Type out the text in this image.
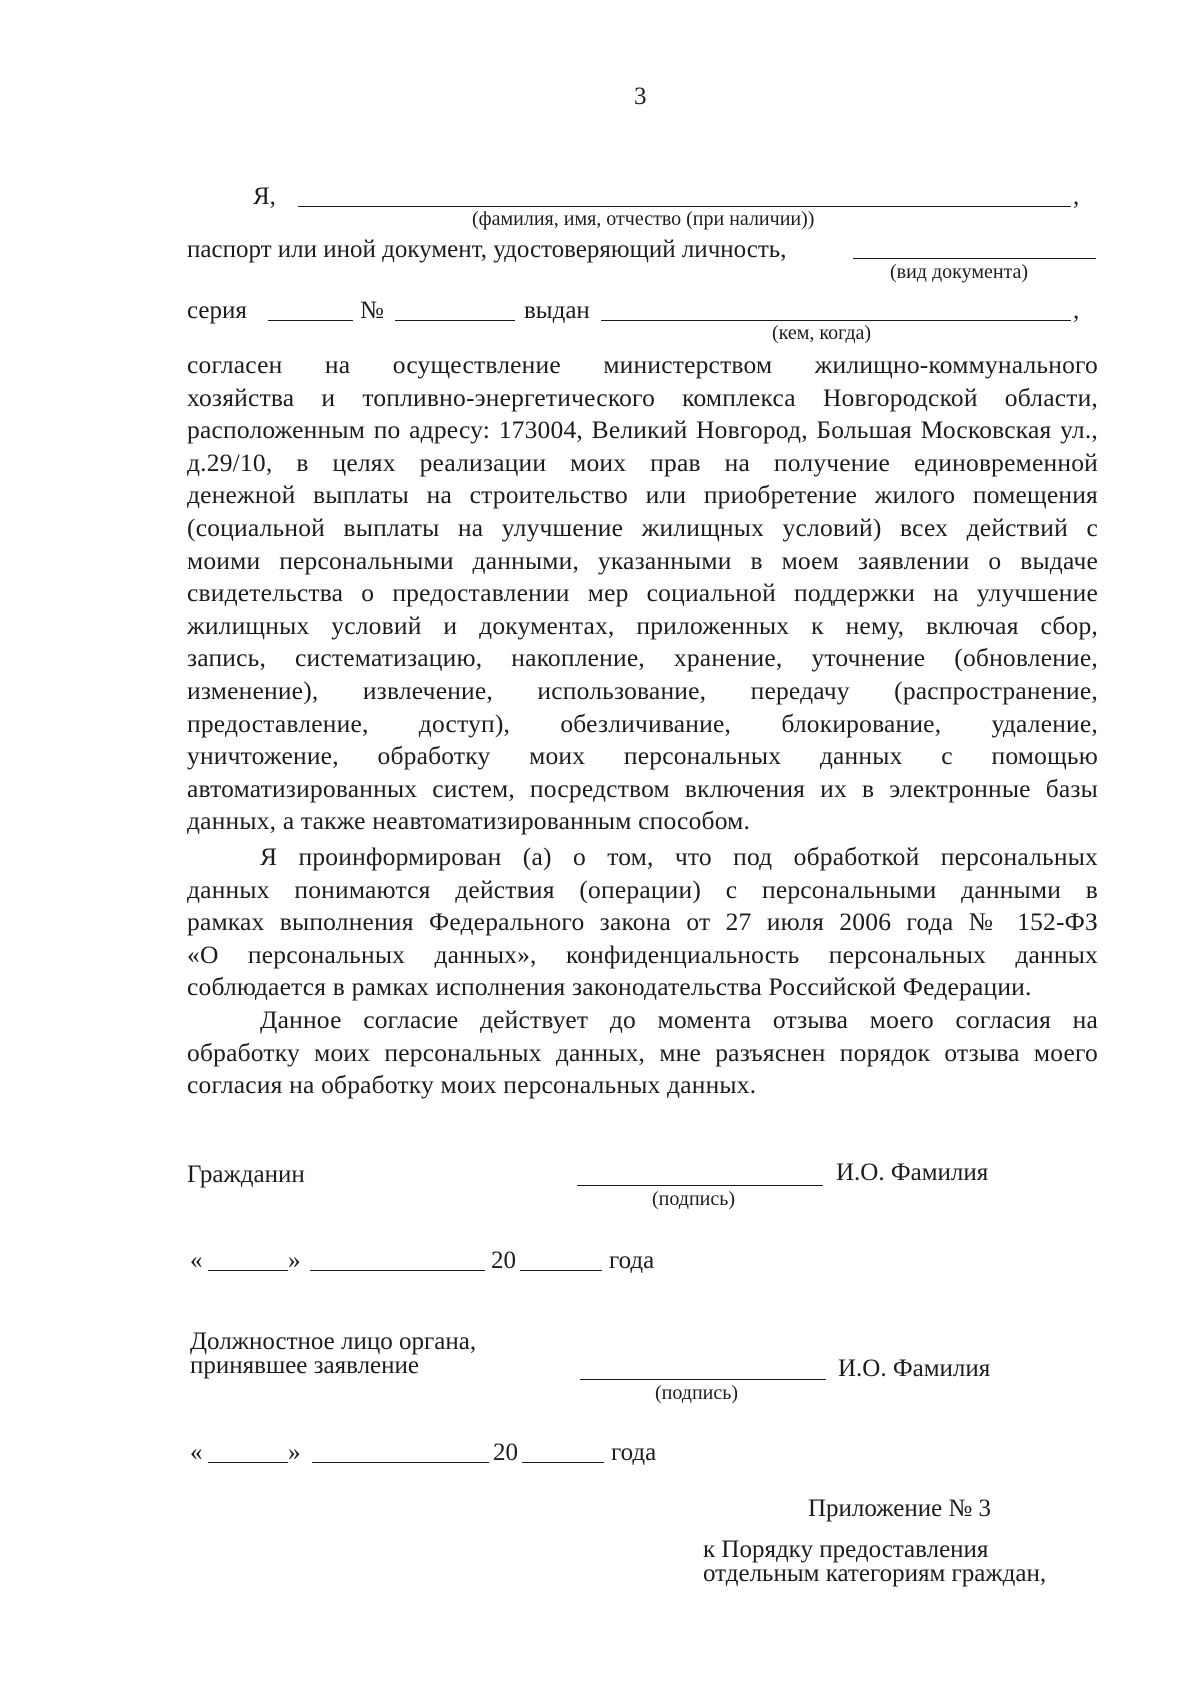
3
Я,	,
(фамилия, имя, отчество (при наличии))
паспорт или иной документ, удостоверяющий личность,
(вид документа)
серия	№	выдан	,
(кем, когда)
согласен на осуществление министерством жилищно-коммунального
хозяйства и топливно-энергетического комплекса Новгородской области,
расположенным по адресу: 173004, Великий Новгород, Большая Московская ул.,
д.29/10, в целях реализации моих прав на получение единовременной
денежной выплаты на строительство или приобретение жилого помещения
(социальной выплаты на улучшение жилищных условий) всех действий с
моими персональными данными, указанными в моем заявлении о выдаче
свидетельства о предоставлении мер социальной поддержки на улучшение
жилищных условий и документах, приложенных к нему, включая сбор,
запись, систематизацию, накопление, хранение, уточнение (обновление,
изменение), извлечение, использование, передачу (распространение,
предоставление, доступ), обезличивание, блокирование, удаление,
уничтожение, обработку моих персональных данных с помощью
автоматизированных систем, посредством включения их в электронные базы
данных, а также неавтоматизированным способом.
Я проинформирован (а) о том, что под обработкой персональных
данных понимаются действия (операции) с персональными данными в
рамках выполнения Федерального закона от 27 июля 2006 года № 152-ФЗ
«О персональных данных», конфиденциальность персональных данных
соблюдается в рамках исполнения законодательства Российской Федерации.
Данное согласие действует до момента отзыва моего согласия на
обработку моих персональных данных, мне разъяснен порядок отзыва моего
согласия на обработку моих персональных данных.
Гражданин	И.О. Фамилия
(подпись)
«	»	20	года
Должностное лицо органа,
принявшее заявление	И.О. Фамилия
(подпись)
«	»	20	года
Приложение № 3
к Порядку предоставления
отдельным категориям граждан,
